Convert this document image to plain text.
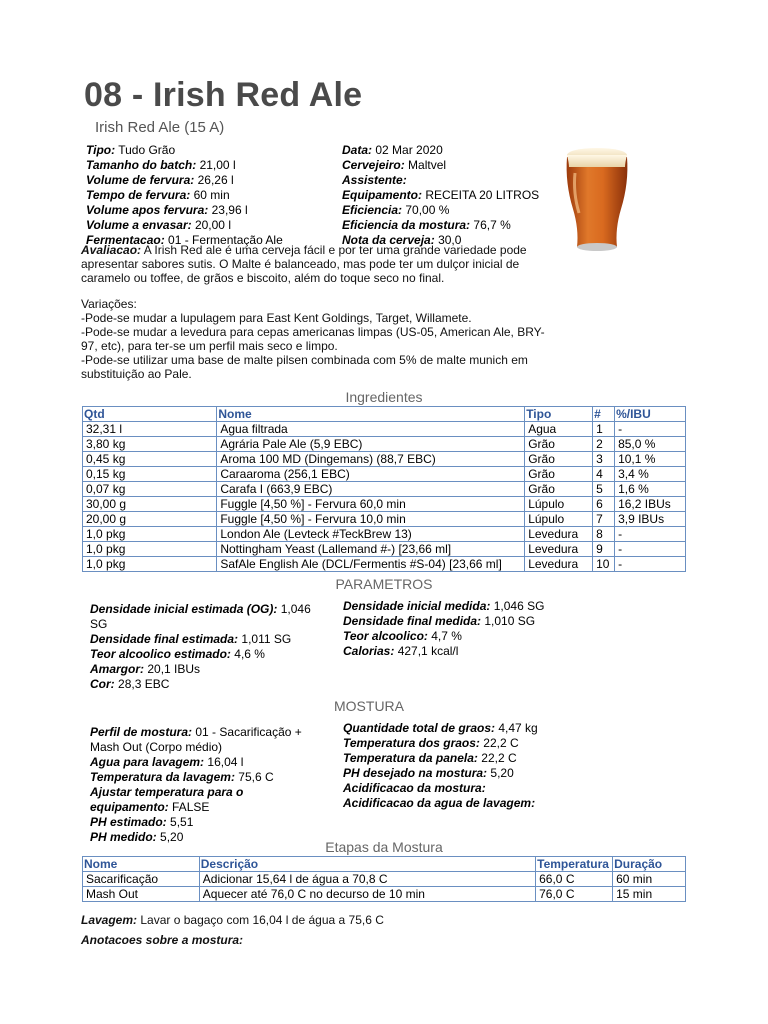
08 - Irish Red Ale
Irish Red Ale (15 A)
Tipo: Tudo Grão
Tamanho do batch: 21,00 l
Volume de fervura: 26,26 l
Tempo de fervura: 60 min
Volume apos fervura: 23,96 l
Volume a envasar: 20,00 l
Fermentacao: 01 - Fermentação Ale
Data: 02 Mar 2020
Cervejeiro: Maltvel
Assistente:
Equipamento: RECEITA 20 LITROS
Eficiencia: 70,00 %
Eficiencia da mostura: 76,7 %
Nota da cerveja: 30,0
Avaliacao: A Irish Red ale é uma cerveja fácil e por ter uma grande variedade pode apresentar sabores sutis. O Malte é balanceado, mas pode ter um dulçor inicial de caramelo ou toffee, de grãos e biscoito, além do toque seco no final.
Variações:
-Pode-se mudar a lupulagem para East Kent Goldings, Target, Willamete.
-Pode-se mudar a levedura para cepas americanas limpas (US-05, American Ale, BRY-97, etc), para ter-se um perfil mais seco e limpo.
-Pode-se utilizar uma base de malte pilsen combinada com 5% de malte munich em substituição ao Pale.
Ingredientes
Qtd	Nome	Tipo	#	%/IBU
32,31 l	Agua filtrada	Agua	1	-
3,80 kg	Agrária Pale Ale (5,9 EBC)	Grão	2	85,0 %
0,45 kg	Aroma 100 MD (Dingemans) (88,7 EBC)	Grão	3	10,1 %
0,15 kg	Caraaroma (256,1 EBC)	Grão	4	3,4 %
0,07 kg	Carafa I (663,9 EBC)	Grão	5	1,6 %
30,00 g	Fuggle [4,50 %] - Fervura 60,0 min	Lúpulo	6	16,2 IBUs
20,00 g	Fuggle [4,50 %] - Fervura 10,0 min	Lúpulo	7	3,9 IBUs
1,0 pkg	London Ale (Levteck #TeckBrew 13)	Levedura	8	-
1,0 pkg	Nottingham Yeast (Lallemand #-) [23,66 ml]	Levedura	9	-
1,0 pkg	SafAle English Ale (DCL/Fermentis #S-04) [23,66 ml]	Levedura	10	-
PARAMETROS
Densidade inicial estimada (OG): 1,046 SG
Densidade final estimada: 1,011 SG
Teor alcoolico estimado: 4,6 %
Amargor: 20,1 IBUs
Cor: 28,3 EBC
Densidade inicial medida: 1,046 SG
Densidade final medida: 1,010 SG
Teor alcoolico: 4,7 %
Calorias: 427,1 kcal/l
MOSTURA
Perfil de mostura: 01 - Sacarificação + Mash Out (Corpo médio)
Agua para lavagem: 16,04 l
Temperatura da lavagem: 75,6 C
Ajustar temperatura para o equipamento: FALSE
PH estimado: 5,51
PH medido: 5,20
Quantidade total de graos: 4,47 kg
Temperatura dos graos: 22,2 C
Temperatura da panela: 22,2 C
PH desejado na mostura: 5,20
Acidificacao da mostura:
Acidificacao da agua de lavagem:
Etapas da Mostura
Nome	Descrição	Temperatura	Duração
Sacarificação	Adicionar 15,64 l de água a 70,8 C	66,0 C	60 min
Mash Out	Aquecer até 76,0 C no decurso de 10 min	76,0 C	15 min
Lavagem: Lavar o bagaço com 16,04 l de água a 75,6 C
Anotacoes sobre a mostura:
